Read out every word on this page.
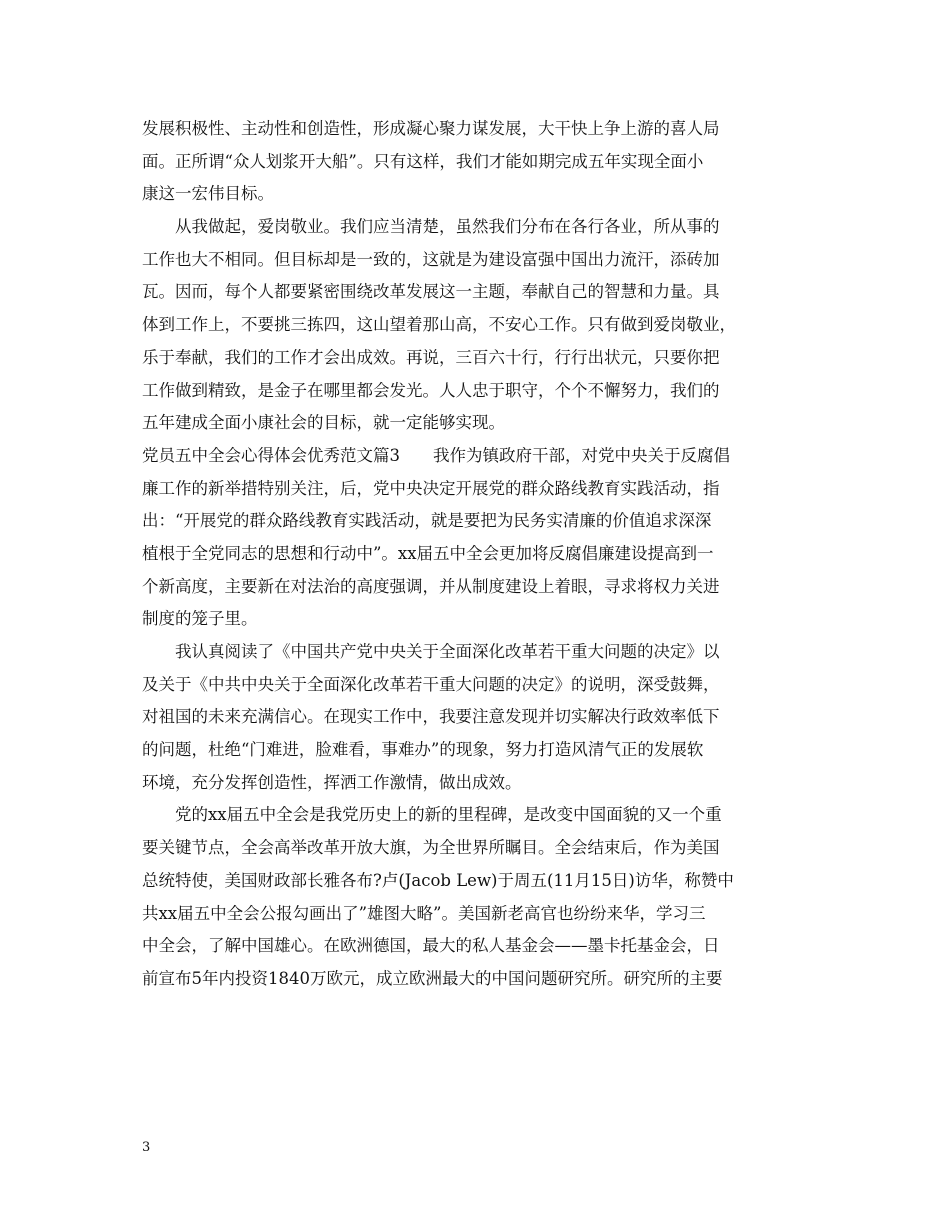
发展积极性、主动性和创造性，形成凝心聚力谋发展，大干快上争上游的喜人局
面。正所谓“众人划浆开大船”。只有这样，我们才能如期完成五年实现全面小
康这一宏伟目标。
从我做起，爱岗敬业。我们应当清楚，虽然我们分布在各行各业，所从事的
工作也大不相同。但目标却是一致的，这就是为建设富强中国出力流汗，添砖加
瓦。因而，每个人都要紧密围绕改革发展这一主题，奉献自己的智慧和力量。具
体到工作上，不要挑三拣四，这山望着那山高，不安心工作。只有做到爱岗敬业，
乐于奉献，我们的工作才会出成效。再说，三百六十行，行行出状元，只要你把
工作做到精致，是金子在哪里都会发光。人人忠于职守，个个不懈努力，我们的
五年建成全面小康社会的目标，就一定能够实现。
党员五中全会心得体会优秀范文篇3　　我作为镇政府干部，对党中央关于反腐倡
廉工作的新举措特别关注，后，党中央决定开展党的群众路线教育实践活动，指
出：“开展党的群众路线教育实践活动，就是要把为民务实清廉的价值追求深深
植根于全党同志的思想和行动中”。xx届五中全会更加将反腐倡廉建设提高到一
个新高度，主要新在对法治的高度强调，并从制度建设上着眼，寻求将权力关进
制度的笼子里。
我认真阅读了《中国共产党中央关于全面深化改革若干重大问题的决定》以
及关于《中共中央关于全面深化改革若干重大问题的决定》的说明，深受鼓舞，
对祖国的未来充满信心。在现实工作中，我要注意发现并切实解决行政效率低下
的问题，杜绝“门难进，脸难看，事难办”的现象，努力打造风清气正的发展软
环境，充分发挥创造性，挥洒工作激情，做出成效。
党的xx届五中全会是我党历史上的新的里程碑，是改变中国面貌的又一个重
要关键节点，全会高举改革开放大旗，为全世界所瞩目。全会结束后，作为美国
总统特使，美国财政部长雅各布?卢(Jacob Lew)于周五(11月15日)访华，称赞中
共xx届五中全会公报勾画出了”雄图大略”。美国新老高官也纷纷来华，学习三
中全会，了解中国雄心。在欧洲德国，最大的私人基金会——墨卡托基金会，日
前宣布5年内投资1840万欧元，成立欧洲最大的中国问题研究所。研究所的主要
3
